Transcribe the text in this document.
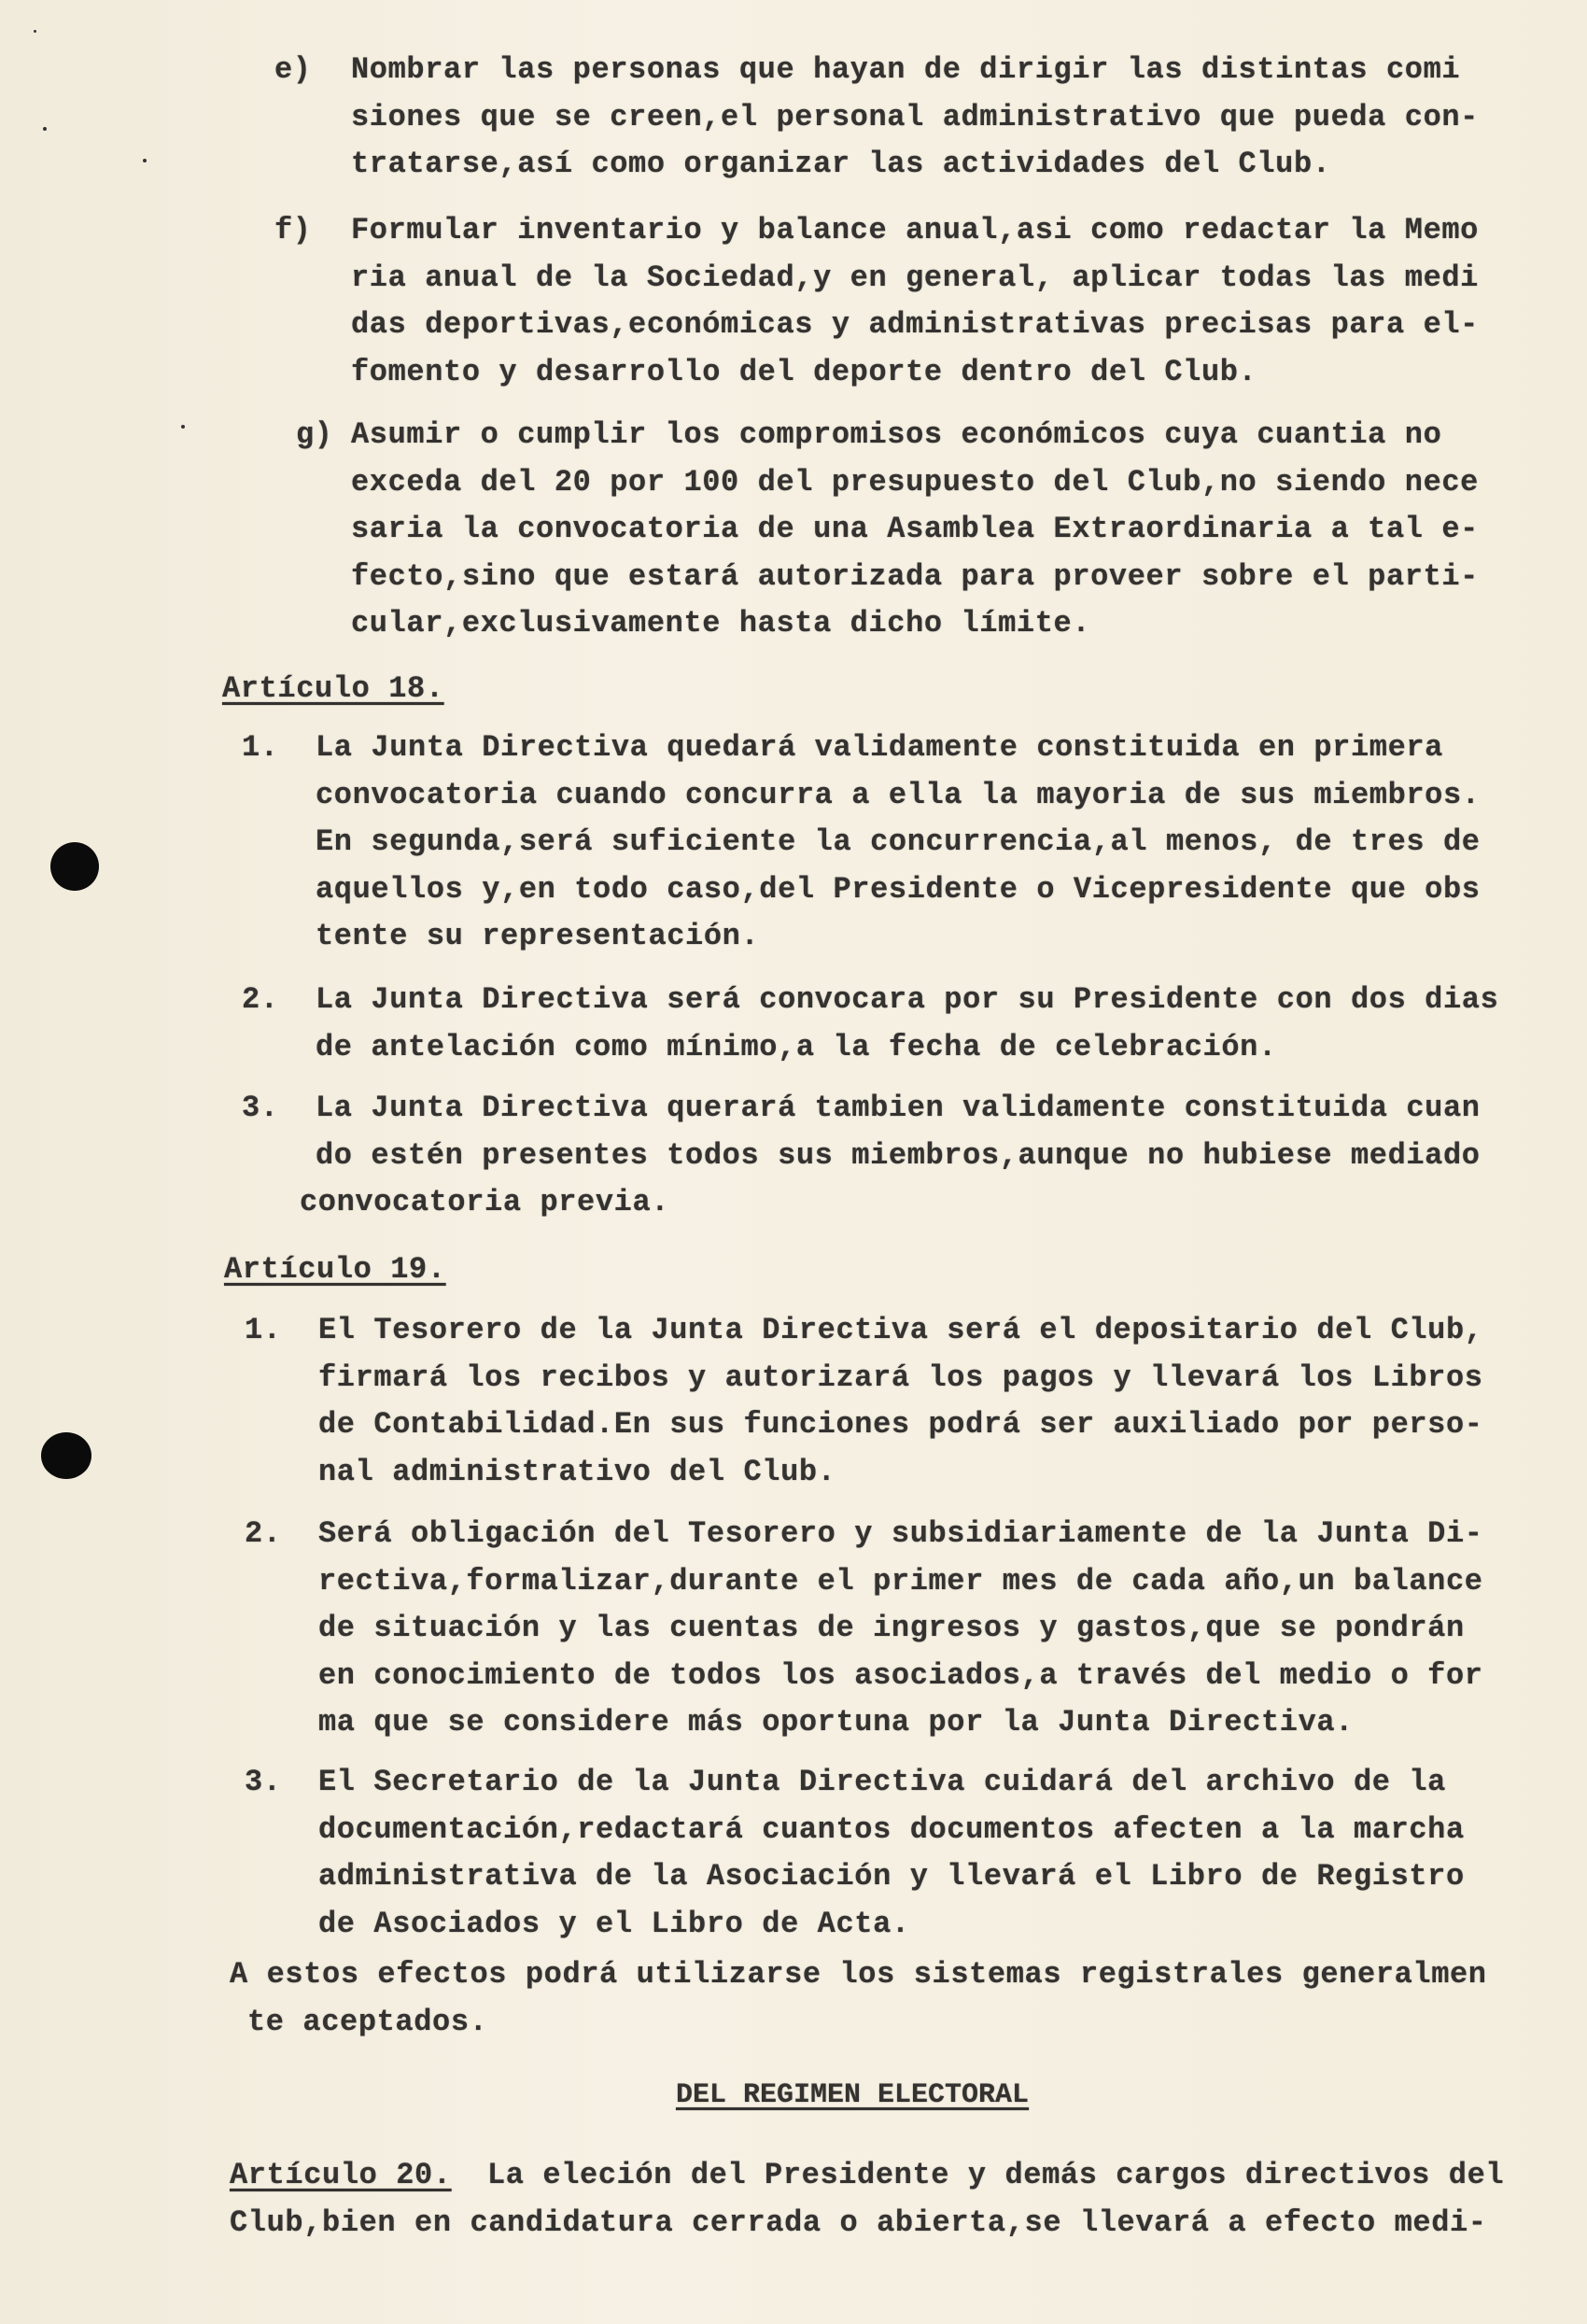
e) Nombrar las personas que hayan de dirigir las distintas comi
siones que se creen,el personal administrativo que pueda con-
tratarse,así como organizar las actividades del Club.
f) Formular inventario y balance anual,asi como redactar la Memo
ria anual de la Sociedad,y en general, aplicar todas las medi
das deportivas,económicas y administrativas precisas para el-
fomento y desarrollo del deporte dentro del Club.
g) Asumir o cumplir los compromisos económicos cuya cuantia no
exceda del 20 por 100 del presupuesto del Club,no siendo nece
saria la convocatoria de una Asamblea Extraordinaria a tal e-
fecto,sino que estará autorizada para proveer sobre el parti-
cular,exclusivamente hasta dicho límite.
Artículo 18.
1. La Junta Directiva quedará validamente constituida en primera
convocatoria cuando concurra a ella la mayoria de sus miembros.
En segunda,será suficiente la concurrencia,al menos, de tres de
aquellos y,en todo caso,del Presidente o Vicepresidente que obs
tente su representación.
2. La Junta Directiva será convocara por su Presidente con dos dias
de antelación como mínimo,a la fecha de celebración.
3. La Junta Directiva querará tambien validamente constituida cuan
do estén presentes todos sus miembros,aunque no hubiese mediado
convocatoria previa.
Artículo 19.
1. El Tesorero de la Junta Directiva será el depositario del Club,
firmará los recibos y autorizará los pagos y llevará los Libros
de Contabilidad.En sus funciones podrá ser auxiliado por perso-
nal administrativo del Club.
2. Será obligación del Tesorero y subsidiariamente de la Junta Di-
rectiva,formalizar,durante el primer mes de cada año,un balance
de situación y las cuentas de ingresos y gastos,que se pondrán
en conocimiento de todos los asociados,a través del medio o for
ma que se considere más oportuna por la Junta Directiva.
3. El Secretario de la Junta Directiva cuidará del archivo de la
documentación,redactará cuantos documentos afecten a la marcha
administrativa de la Asociación y llevará el Libro de Registro
de Asociados y el Libro de Acta.
A estos efectos podrá utilizarse los sistemas registrales generalmen
te aceptados.
DEL REGIMEN ELECTORAL
Artículo 20. La eleción del Presidente y demás cargos directivos del
Club,bien en candidatura cerrada o abierta,se llevará a efecto medi-
